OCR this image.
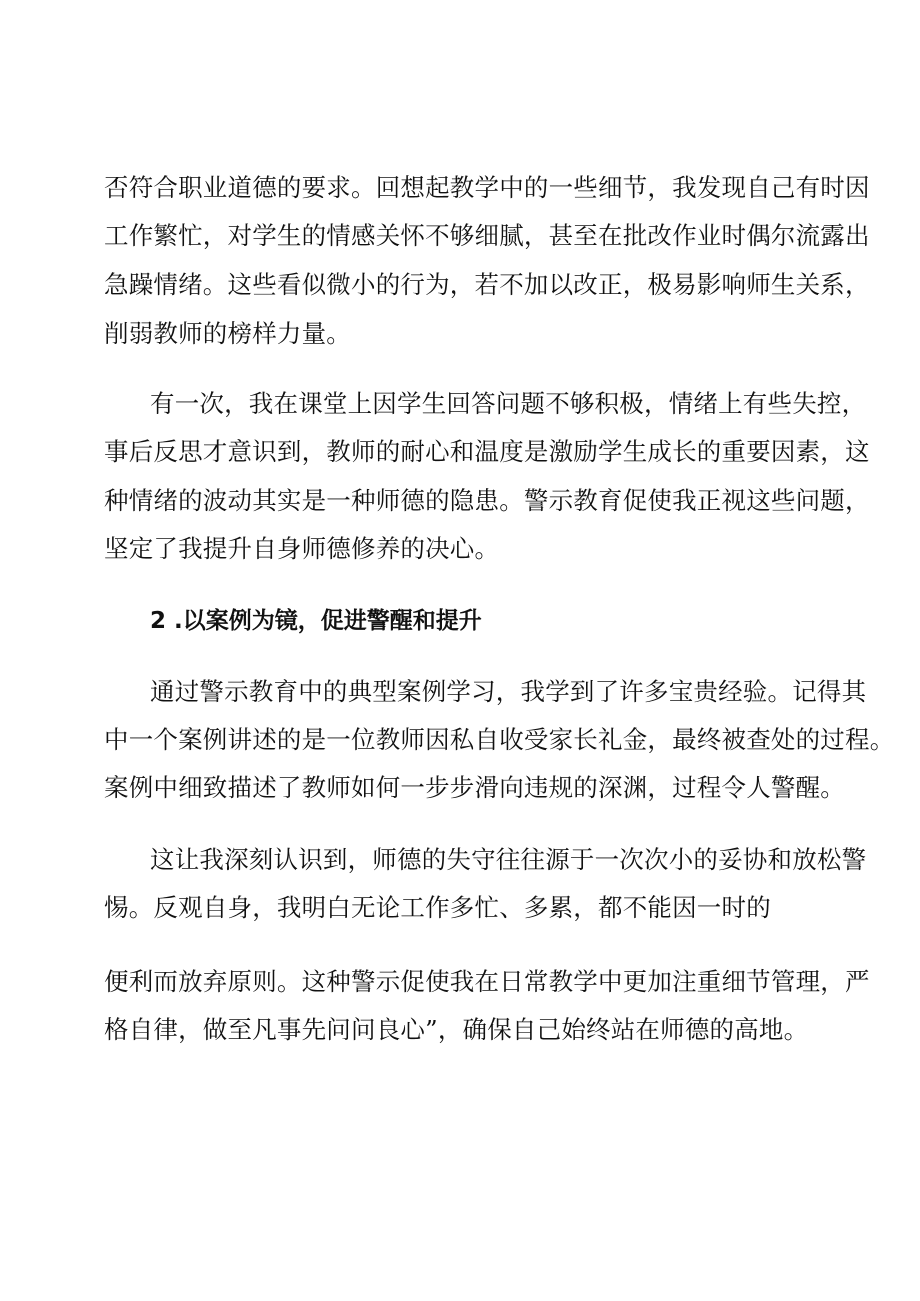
否符合职业道德的要求。回想起教学中的一些细节，我发现自己有时因
工作繁忙，对学生的情感关怀不够细腻，甚至在批改作业时偶尔流露出
急躁情绪。这些看似微小的行为，若不加以改正，极易影响师生关系，
削弱教师的榜样力量。
有一次，我在课堂上因学生回答问题不够积极，情绪上有些失控，
事后反思才意识到，教师的耐心和温度是激励学生成长的重要因素，这
种情绪的波动其实是一种师德的隐患。警示教育促使我正视这些问题，
坚定了我提升自身师德修养的决心。
2 .以案例为镜，促进警醒和提升
通过警示教育中的典型案例学习，我学到了许多宝贵经验。记得其
中一个案例讲述的是一位教师因私自收受家长礼金，最终被查处的过程。
案例中细致描述了教师如何一步步滑向违规的深渊，过程令人警醒。
这让我深刻认识到，师德的失守往往源于一次次小的妥协和放松警
惕。反观自身，我明白无论工作多忙、多累，都不能因一时的
便利而放弃原则。这种警示促使我在日常教学中更加注重细节管理，严
格自律，做至凡事先问问良心”，确保自己始终站在师德的高地。
